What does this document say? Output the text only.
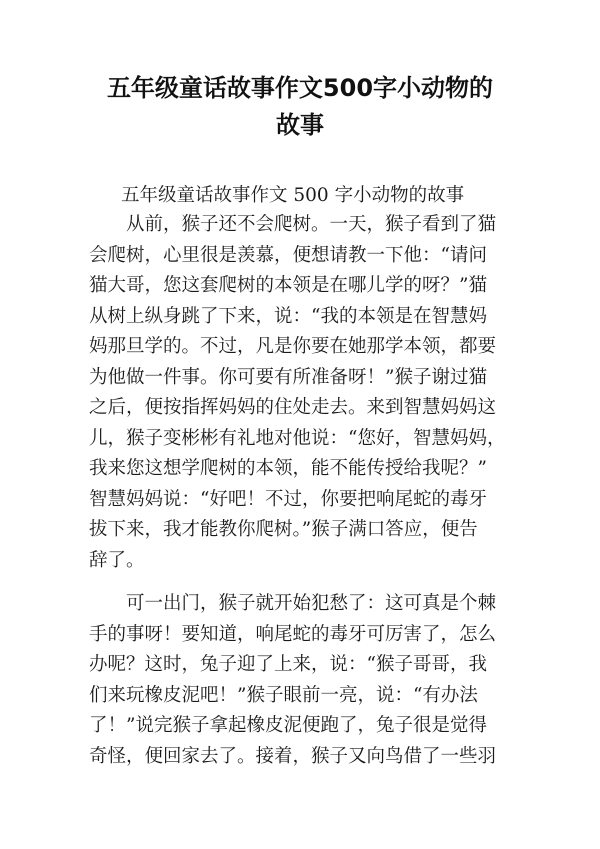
五年级童话故事作文500字小动物的
故事

五年级童话故事作文 500 字小动物的故事

从前，猴子还不会爬树。一天，猴子看到了猫
会爬树，心里很是羡慕，便想请教一下他：“请问
猫大哥，您这套爬树的本领是在哪儿学的呀？”猫
从树上纵身跳了下来，说：“我的本领是在智慧妈
妈那旦学的。不过，凡是你要在她那学本领，都要
为他做一件事。你可要有所准备呀！”猴子谢过猫
之后，便按指挥妈妈的住处走去。来到智慧妈妈这
儿，猴子变彬彬有礼地对他说：“您好，智慧妈妈，
我来您这想学爬树的本领，能不能传授给我呢？”
智慧妈妈说：“好吧！不过，你要把响尾蛇的毒牙
拔下来，我才能教你爬树。”猴子满口答应，便告
辞了。
可一出门，猴子就开始犯愁了：这可真是个棘
手的事呀！要知道，响尾蛇的毒牙可厉害了，怎么
办呢？这时，兔子迎了上来，说：“猴子哥哥，我
们来玩橡皮泥吧！”猴子眼前一亮，说：“有办法
了！”说完猴子拿起橡皮泥便跑了，兔子很是觉得
奇怪，便回家去了。接着，猴子又向鸟借了一些羽
